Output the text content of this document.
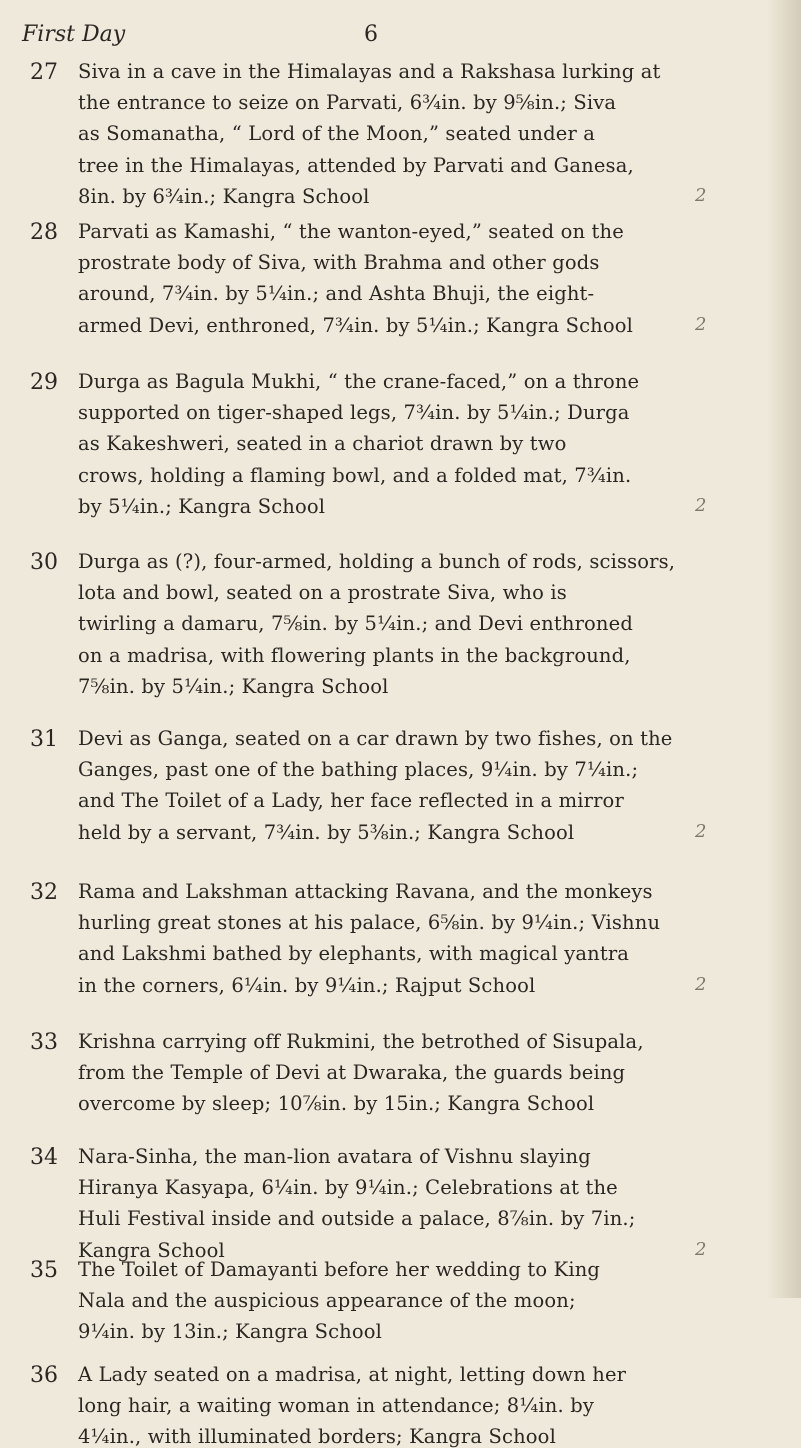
First Day	6
27 Siva in a cave in the Himalayas and a Rakshasa lurking at
the entrance to seize on Parvati, 6¾in. by 9⅝in.; Siva
as Somanatha, “ Lord of the Moon,” seated under a
tree in the Himalayas, attended by Parvati and Ganesa,
8in. by 6¾in.; Kangra School	2
28 Parvati as Kamashi, “ the wanton-eyed,” seated on the
prostrate body of Siva, with Brahma and other gods
around, 7¾in. by 5¼in.; and Ashta Bhuji, the eight-
armed Devi, enthroned, 7¾in. by 5¼in.; Kangra School	2
29 Durga as Bagula Mukhi, “ the crane-faced,” on a throne
supported on tiger-shaped legs, 7¾in. by 5¼in.; Durga
as Kakeshweri, seated in a chariot drawn by two
crows, holding a flaming bowl, and a folded mat, 7¾in.
by 5¼in.; Kangra School	2
30 Durga as (?), four-armed, holding a bunch of rods, scissors,
lota and bowl, seated on a prostrate Siva, who is
twirling a damaru, 7⅝in. by 5¼in.; and Devi enthroned
on a madrisa, with flowering plants in the background,
7⅝in. by 5¼in.; Kangra School
31 Devi as Ganga, seated on a car drawn by two fishes, on the
Ganges, past one of the bathing places, 9¼in. by 7¼in.;
and The Toilet of a Lady, her face reflected in a mirror
held by a servant, 7¾in. by 5⅜in.; Kangra School	2
32 Rama and Lakshman attacking Ravana, and the monkeys
hurling great stones at his palace, 6⅝in. by 9¼in.; Vishnu
and Lakshmi bathed by elephants, with magical yantra
in the corners, 6¼in. by 9¼in.; Rajput School	2
33 Krishna carrying off Rukmini, the betrothed of Sisupala,
from the Temple of Devi at Dwaraka, the guards being
overcome by sleep; 10⅞in. by 15in.; Kangra School
34 Nara-Sinha, the man-lion avatara of Vishnu slaying
Hiranya Kasyapa, 6¼in. by 9¼in.; Celebrations at the
Huli Festival inside and outside a palace, 8⅞in. by 7in.;
Kangra School	2
35 The Toilet of Damayanti before her wedding to King
Nala and the auspicious appearance of the moon;
9¼in. by 13in.; Kangra School
36 A Lady seated on a madrisa, at night, letting down her
long hair, a waiting woman in attendance; 8¼in. by
4¼in., with illuminated borders; Kangra School
